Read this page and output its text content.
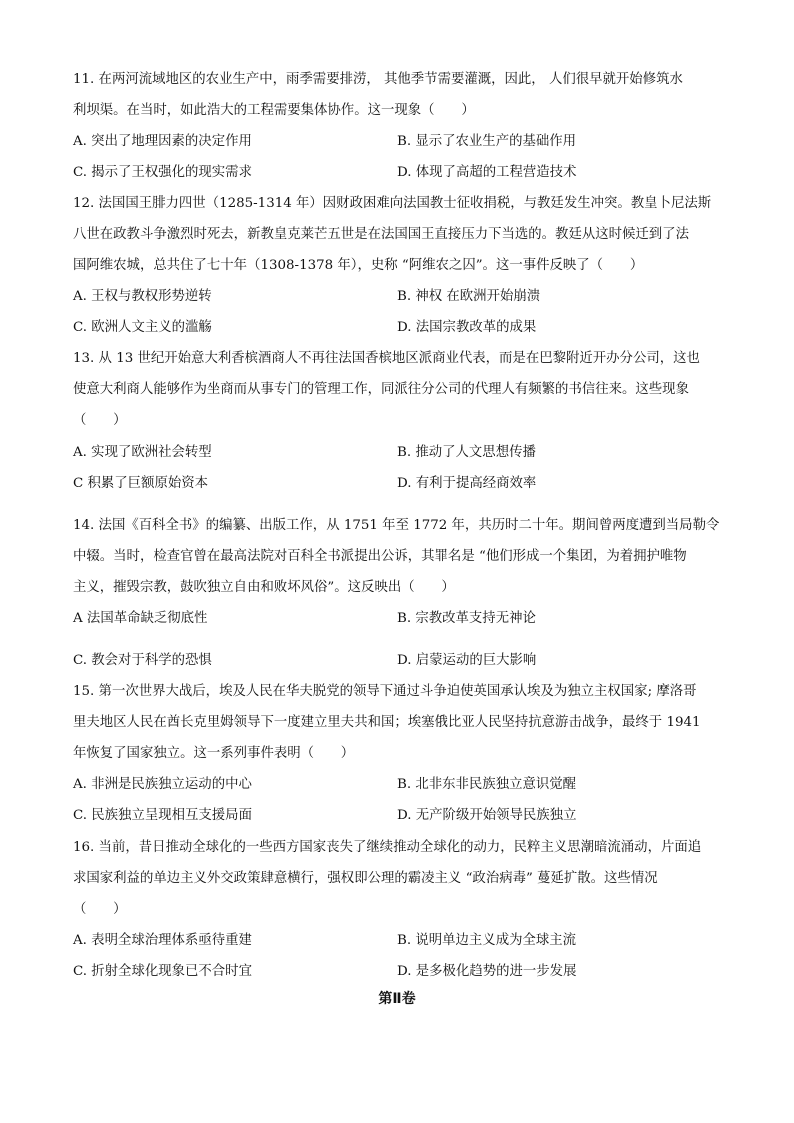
11. 在两河流域地区的农业生产中，雨季需要排涝， 其他季节需要灌溉，因此， 人们很早就开始修筑水
利坝渠。在当时，如此浩大的工程需要集体协作。这一现象（　　）
A. 突出了地理因素的决定作用	B. 显示了农业生产的基础作用
C. 揭示了王权强化的现实需求	D. 体现了高超的工程营造技术
12. 法国国王腓力四世（1285-1314 年）因财政困难向法国教士征收捐税，与教廷发生冲突。教皇卜尼法斯
八世在政教斗争激烈时死去，新教皇克莱芒五世是在法国国王直接压力下当选的。教廷从这时候迁到了法
国阿维农城，总共住了七十年（1308-1378 年），史称 “阿维农之囚”。这一事件反映了（　　）
A. 王权与教权形势逆转	B. 神权 在欧洲开始崩溃
C. 欧洲人文主义的滥觞	D. 法国宗教改革的成果
13. 从 13 世纪开始意大利香槟酒商人不再往法国香槟地区派商业代表，而是在巴黎附近开办分公司，这也
使意大利商人能够作为坐商而从事专门的管理工作，同派往分公司的代理人有频繁的书信往来。这些现象
（　　）
A. 实现了欧洲社会转型	B. 推动了人文思想传播
C 积累了巨额原始资本	D. 有利于提高经商效率
14. 法国《百科全书》的编纂、出版工作，从 1751 年至 1772 年，共历时二十年。期间曾两度遭到当局勒令
中辍。当时，检查官曾在最高法院对百科全书派提出公诉，其罪名是 “他们形成一个集团，为着拥护唯物
主义，摧毁宗教，鼓吹独立自由和败坏风俗”。这反映出（　　）
A 法国革命缺乏彻底性	B. 宗教改革支持无神论
C. 教会对于科学的恐惧	D. 启蒙运动的巨大影响
15. 第一次世界大战后，埃及人民在华夫脱党的领导下通过斗争迫使英国承认埃及为独立主权国家; 摩洛哥
里夫地区人民在酋长克里姆领导下一度建立里夫共和国；埃塞俄比亚人民坚持抗意游击战争，最终于 1941
年恢复了国家独立。这一系列事件表明（　　）
A. 非洲是民族独立运动的中心	B. 北非东非民族独立意识觉醒
C. 民族独立呈现相互支援局面	D. 无产阶级开始领导民族独立
16. 当前，昔日推动全球化的一些西方国家丧失了继续推动全球化的动力，民粹主义思潮暗流涌动，片面追
求国家利益的单边主义外交政策肆意横行，强权即公理的霸凌主义 “政治病毒” 蔓延扩散。这些情况
（　　）
A. 表明全球治理体系亟待重建	B. 说明单边主义成为全球主流
C. 折射全球化现象已不合时宜	D. 是多极化趋势的进一步发展
第Ⅱ卷
